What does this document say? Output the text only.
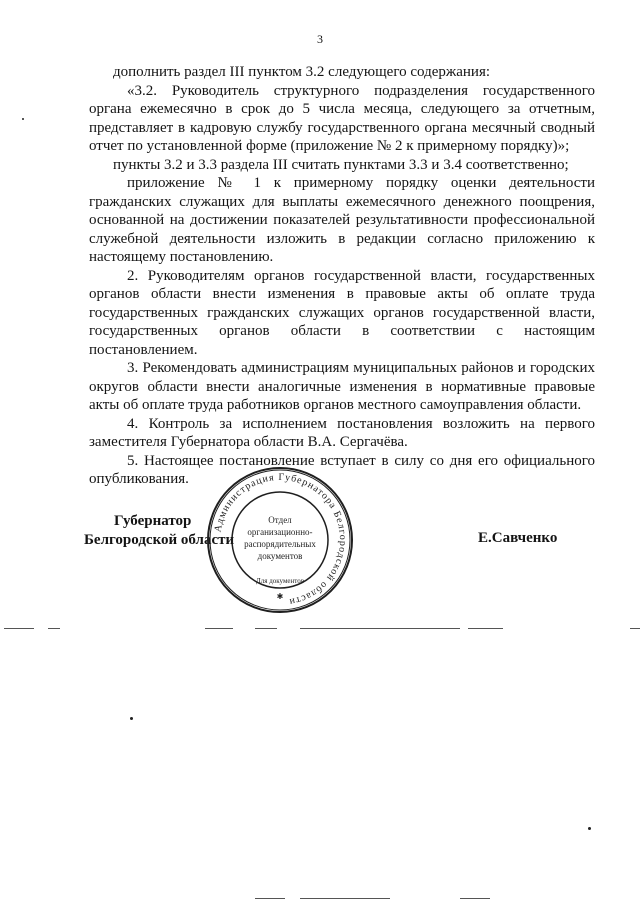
3

дополнить раздел III пунктом 3.2 следующего содержания:

«3.2. Руководитель структурного подразделения государственного органа ежемесячно в срок до 5 числа месяца, следующего за отчетным, представляет в кадровую службу государственного органа месячный сводный отчет по установленной форме (приложение № 2 к примерному порядку)»;

пункты 3.2 и 3.3 раздела III считать пунктами 3.3 и 3.4 соответственно;

приложение № 1 к примерному порядку оценки деятельности гражданских служащих для выплаты ежемесячного денежного поощрения, основанной на достижении показателей результативности профессиональной служебной деятельности изложить в редакции согласно приложению к настоящему постановлению.

2. Руководителям органов государственной власти, государственных органов области внести изменения в правовые акты об оплате труда государственных гражданских служащих органов государственной власти, государственных органов области в соответствии с настоящим постановлением.

3. Рекомендовать администрациям муниципальных районов и городских округов области внести аналогичные изменения в нормативные правовые акты об оплате труда работников органов местного самоуправления области.

4. Контроль за исполнением постановления возложить на первого заместителя Губернатора области В.А. Сергачёва.

5. Настоящее постановление вступает в силу со дня его официального опубликования.

Губернатор
Белгородской области	Е.Савченко
Администрация Губернатора Белгородской области
Отдел
организационно-
распорядительных
документов
Для документов
✱
